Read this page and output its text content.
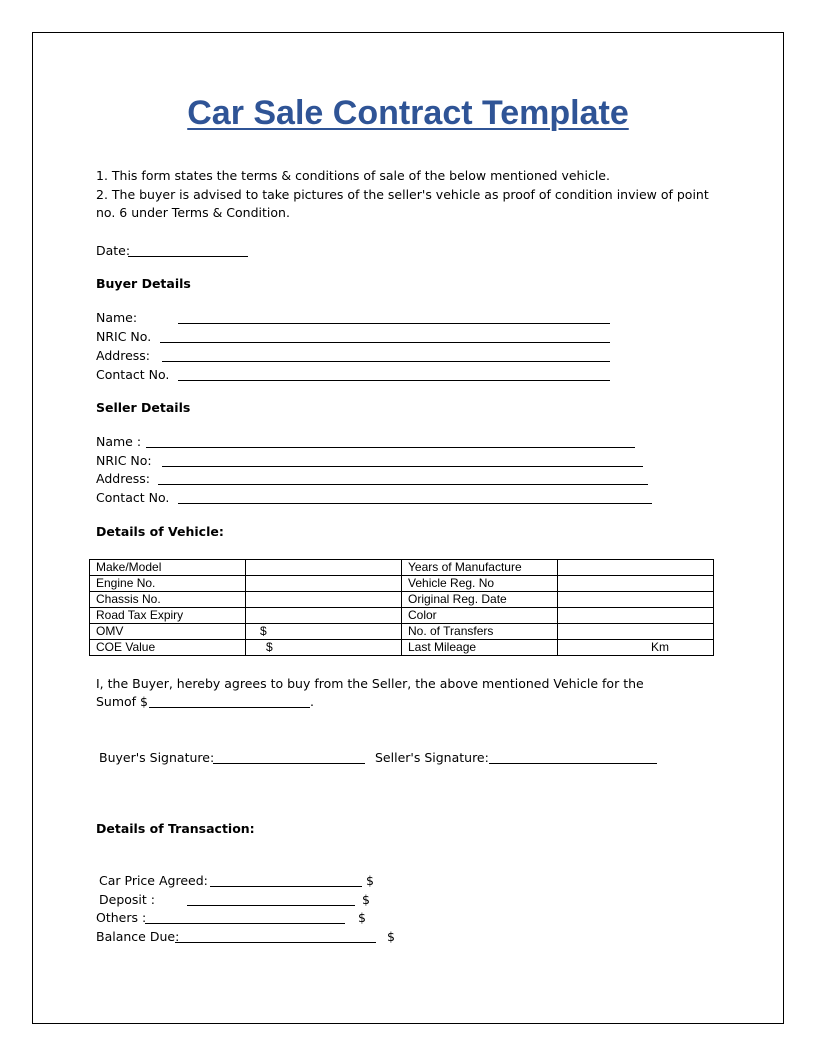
Car Sale Contract Template
1. This form states the terms & conditions of sale of the below mentioned vehicle.
2. The buyer is advised to take pictures of the seller's vehicle as proof of condition inview of point
no. 6 under Terms & Condition.
Date:
Buyer Details
Name:
NRIC No.
Address:
Contact No.
Seller Details
Name :
NRIC No:
Address:
Contact No.
Details of Vehicle:
Make/Model		Years of Manufacture	
Engine No.		Vehicle Reg. No	
Chassis No.		Original Reg. Date	
Road Tax Expiry		Color	
OMV	$	No. of Transfers	
COE Value	$	Last Mileage	Km
I, the Buyer, hereby agrees to buy from the Seller, the above mentioned Vehicle for the
Sumof $	.
Buyer's Signature:	Seller's Signature:
Details of Transaction:
Car Price Agreed:	$
Deposit :	$
Others :	$
Balance Due:	$
